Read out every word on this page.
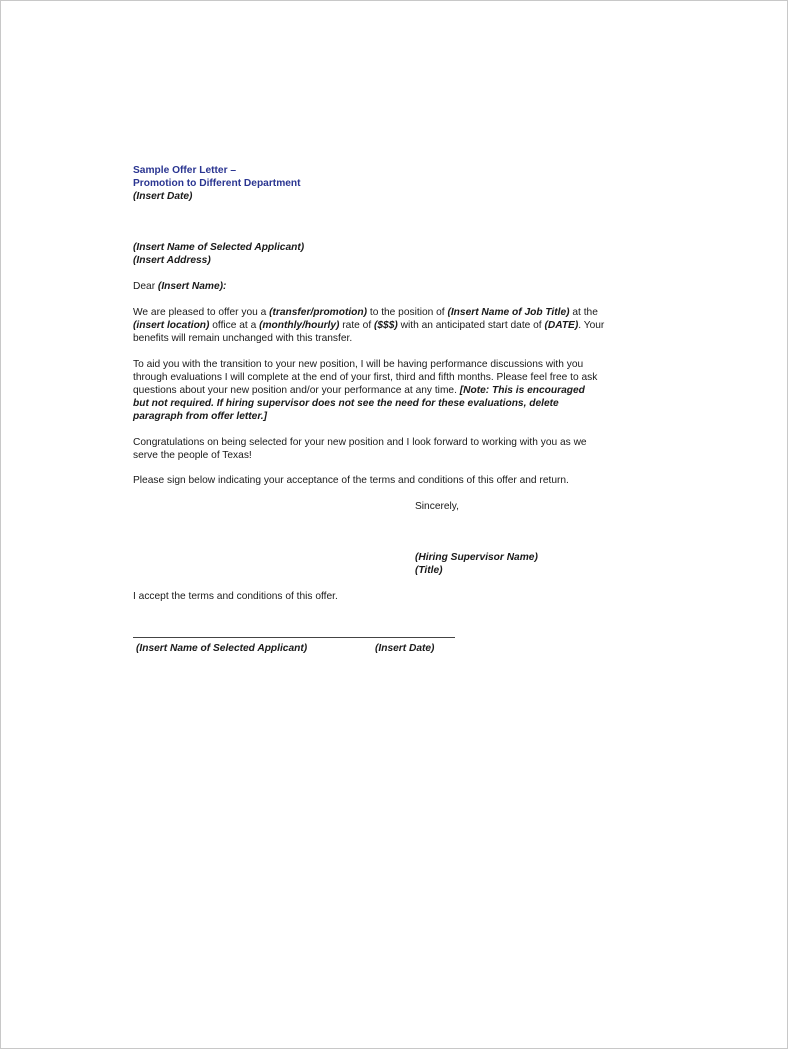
Sample Offer Letter –
Promotion to Different Department
(Insert Date)
(Insert Name of Selected Applicant)
(Insert Address)
Dear (Insert Name):
We are pleased to offer you a (transfer/promotion) to the position of (Insert Name of Job Title) at the
(insert location) office at a (monthly/hourly) rate of ($$$) with an anticipated start date of (DATE). Your
benefits will remain unchanged with this transfer.
To aid you with the transition to your new position, I will be having performance discussions with you
through evaluations I will complete at the end of your first, third and fifth months. Please feel free to ask
questions about your new position and/or your performance at any time. [Note: This is encouraged
but not required. If hiring supervisor does not see the need for these evaluations, delete
paragraph from offer letter.]
Congratulations on being selected for your new position and I look forward to working with you as we
serve the people of Texas!
Please sign below indicating your acceptance of the terms and conditions of this offer and return.
Sincerely,
(Hiring Supervisor Name)
(Title)
I accept the terms and conditions of this offer.
(Insert Name of Selected Applicant)	(Insert Date)
